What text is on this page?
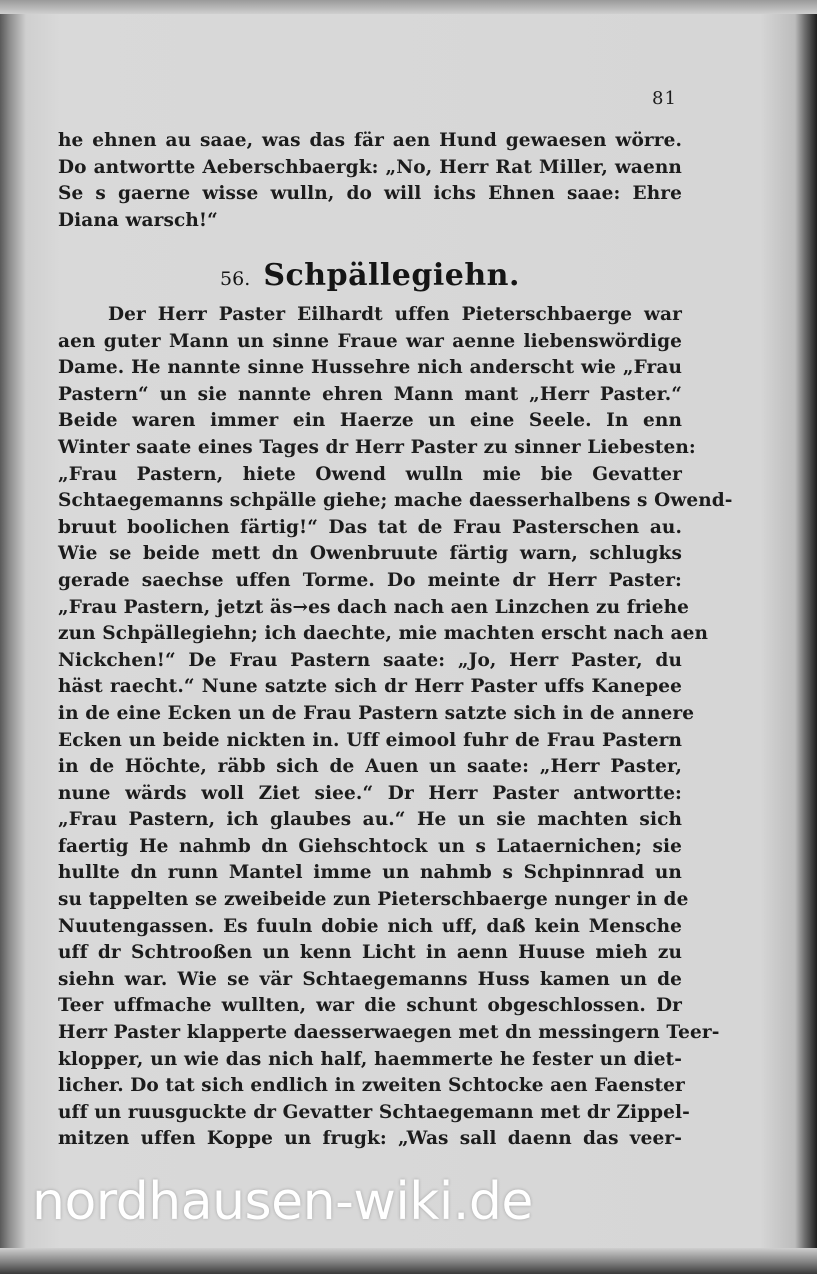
81
he ehnen au saae, was das fär aen Hund gewaesen wörre.
Do antwortte Aeberschbaergk: „No, Herr Rat Miller, waenn
Se s gaerne wisse wulln, do will ichs Ehnen saae: Ehre
Diana warsch!“
56. Schpällegiehn.
Der Herr Paster Eilhardt uffen Pieterschbaerge war
aen guter Mann un sinne Fraue war aenne liebenswördige
Dame. He nannte sinne Hussehre nich anderscht wie „Frau
Pastern“ un sie nannte ehren Mann mant „Herr Paster.“
Beide waren immer ein Haerze un eine Seele. In enn
Winter saate eines Tages dr Herr Paster zu sinner Liebesten:
„Frau Pastern, hiete Owend wulln mie bie Gevatter
Schtaegemanns schpälle giehe; mache daesserhalbens s Owend-
bruut boolichen färtig!“ Das tat de Frau Pasterschen au.
Wie se beide mett dn Owenbruute färtig warn, schlugks
gerade saechse uffen Torme. Do meinte dr Herr Paster:
„Frau Pastern, jetzt äs→es dach nach aen Linzchen zu friehe
zun Schpällegiehn; ich daechte, mie machten erscht nach aen
Nickchen!“ De Frau Pastern saate: „Jo, Herr Paster, du
häst raecht.“ Nune satzte sich dr Herr Paster uffs Kanepee
in de eine Ecken un de Frau Pastern satzte sich in de annere
Ecken un beide nickten in. Uff eimool fuhr de Frau Pastern
in de Höchte, räbb sich de Auen un saate: „Herr Paster,
nune wärds woll Ziet siee.“ Dr Herr Paster antwortte:
„Frau Pastern, ich glaubes au.“ He un sie machten sich
faertig He nahmb dn Giehschtock un s Lataernichen; sie
hullte dn runn Mantel imme un nahmb s Schpinnrad un
su tappelten se zweibeide zun Pieterschbaerge nunger in de
Nuutengassen. Es fuuln dobie nich uff, daß kein Mensche
uff dr Schtrooßen un kenn Licht in aenn Huuse mieh zu
siehn war. Wie se vär Schtaegemanns Huss kamen un de
Teer uffmache wullten, war die schunt obgeschlossen. Dr
Herr Paster klapperte daesserwaegen met dn messingern Teer-
klopper, un wie das nich half, haemmerte he fester un diet-
licher. Do tat sich endlich in zweiten Schtocke aen Faenster
uff un ruusguckte dr Gevatter Schtaegemann met dr Zippel-
mitzen uffen Koppe un frugk: „Was sall daenn das veer-
nordhausen-wiki.de
